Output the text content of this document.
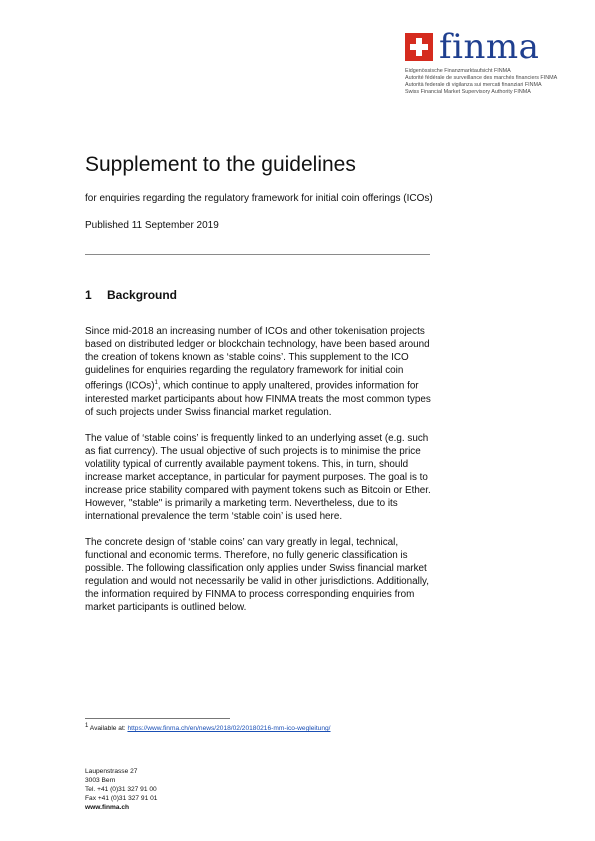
finma
Eidgenössische Finanzmarktaufsicht FINMA
Autorité fédérale de surveillance des marchés financiers FINMA
Autorità federale di vigilanza sui mercati finanziari FINMA
Swiss Financial Market Supervisory Authority FINMA
Supplement to the guidelines
for enquiries regarding the regulatory framework for initial coin offerings (ICOs)
Published 11 September 2019
1	Background

Since mid-2018 an increasing number of ICOs and other tokenisation projects based on distributed ledger or blockchain technology, have been based around the creation of tokens known as ‘stable coins’. This supplement to the ICO guidelines for enquiries regarding the regulatory framework for initial coin offerings (ICOs)$^1$, which continue to apply unaltered, provides information for interested market participants about how FINMA treats the most common types of such projects under Swiss financial market regulation.

The value of ‘stable coins’ is frequently linked to an underlying asset (e.g. such as fiat currency). The usual objective of such projects is to minimise the price volatility typical of currently available payment tokens. This, in turn, should increase market acceptance, in particular for payment purposes. The goal is to increase price stability compared with payment tokens such as Bitcoin or Ether. However, "stable" is primarily a marketing term. Nevertheless, due to its international prevalence the term ‘stable coin’ is used here.

The concrete design of ‘stable coins’ can vary greatly in legal, technical, functional and economic terms. Therefore, no fully generic classification is possible. The following classification only applies under Swiss financial market regulation and would not necessarily be valid in other jurisdictions. Additionally, the information required by FINMA to process corresponding enquiries from market participants is outlined below.

$^1$ Available at: https://www.finma.ch/en/news/2018/02/20180216-mm-ico-wegleitung/
Laupenstrasse 27
3003 Bern
Tel. +41 (0)31 327 91 00
Fax +41 (0)31 327 91 01
www.finma.ch
